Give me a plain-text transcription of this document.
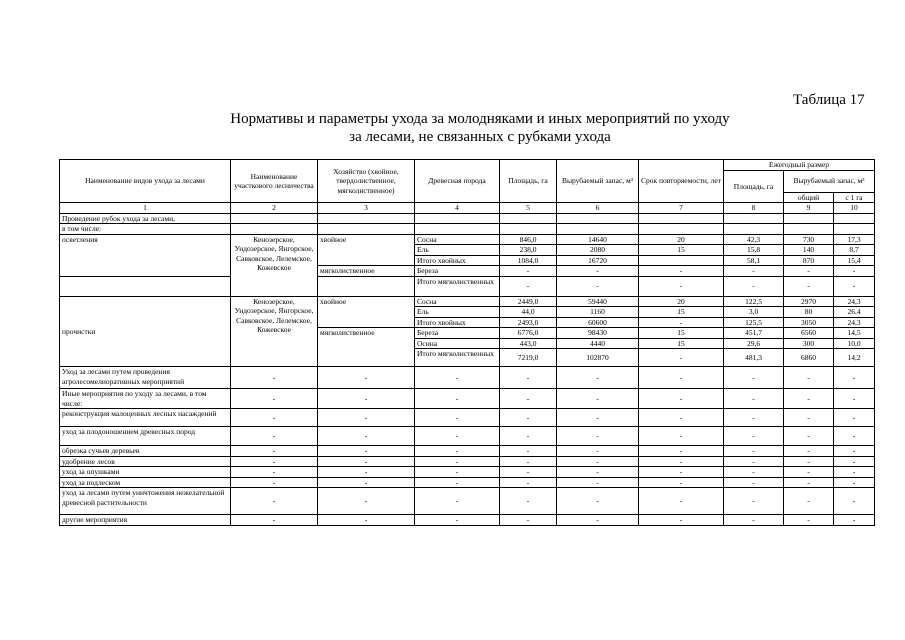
Таблица 17
Нормативы и параметры ухода за молодняками и иных мероприятий по уходу
за лесами, не связанных с рубками ухода
Наименование видов ухода за лесами	Наименование участкового лесничества	Хозяйство (хвойное, твердолиственное, мягколиственное)	Древесная порода	Площадь, га	Вырубаемый запас, м³	Срок повторяемости, лет	Ежегодный размер		
							Площадь, га	Вырубаемый запас, м³	
								общий	с 1 га
1	2	3	4	5	6	7	8	9	10
Проведение рубок ухода за лесами,									
в том числе:									
осветления	Кенозерское, Ундозерское, Янгорское, Савковское, Лелемское, Кожевское	хвойное	Сосна	846,0	14640	20	42,3	730	17,3
			Ель	238,0	2080	15	15,8	140	8,7
			Итого хвойных	1084,0	16720		58,1	870	15,4
		мягколиственное	Береза	-	-	-	-	-	-
			Итого мягколиственных	-	-	-	-	-	-
прочистки	Кенозерское, Ундозерское, Янгорское, Савковское, Лелемское, Кожевское	хвойное	Сосна	2449,0	59440	20	122,5	2970	24,3
			Ель	44,0	1160	15	3,0	80	26,4
			Итого хвойных	2493,0	60600	-	125,5	3050	24,3
		мягколиственное	Береза	6776,0	98430	15	451,7	6560	14,5
			Осина	443,0	4440	15	29,6	300	10,0
			Итого мягколиственных	7219,0	102870	-	481,3	6860	14,2
Уход за лесами путем проведения агролесомелиоративных мероприятий	-	-	-	-	-	-	-	-	-
Иные мероприятия по уходу за лесами, в том числе:	-	-	-	-	-	-	-	-	-
реконструкция малоценных лесных насаждений	-	-	-	-	-	-	-	-	-
уход за плодоношением древесных пород	-	-	-	-	-	-	-	-	-
обрезка сучьев деревьев	-	-	-	-	-	-	-	-	-
удобрение лесов	-	-	-	-	-	-	-	-	-
уход за опушками	-	-	-	-	-	-	-	-	-
уход за подлеском	-	-	-	-	-	-	-	-	-
уход за лесами путем уничтожения нежелательной древесной растительности	-	-	-	-	-	-	-	-	-
другие мероприятия	-	-	-	-	-	-	-	-	-
